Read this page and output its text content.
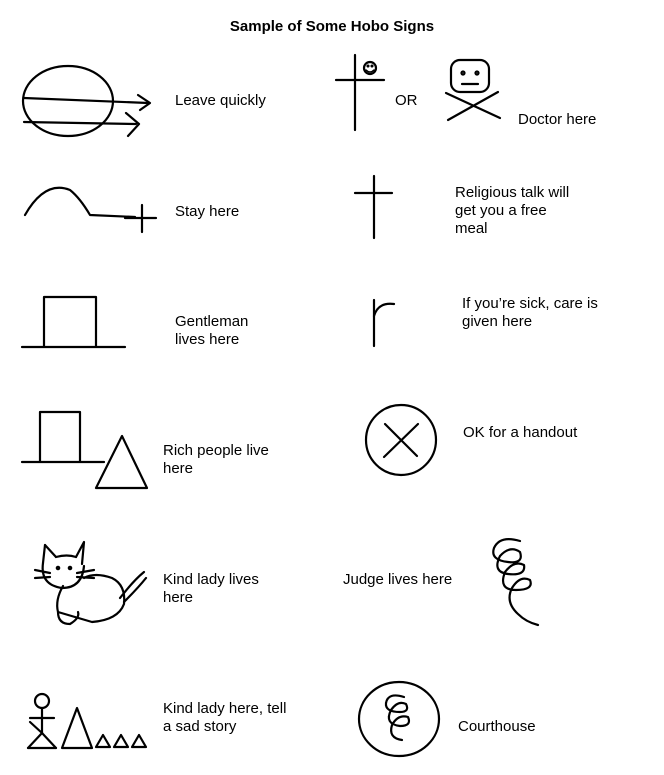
Sample of Some Hobo Signs
Leave quickly	OR
Doctor here
Stay here
Religious talk will
get you a free
meal
Gentleman
lives here
If you’re sick, care is
given here
Rich people live
here
OK for a handout
Kind lady lives
here
Judge lives here
Kind lady here, tell
a sad story	Courthouse
